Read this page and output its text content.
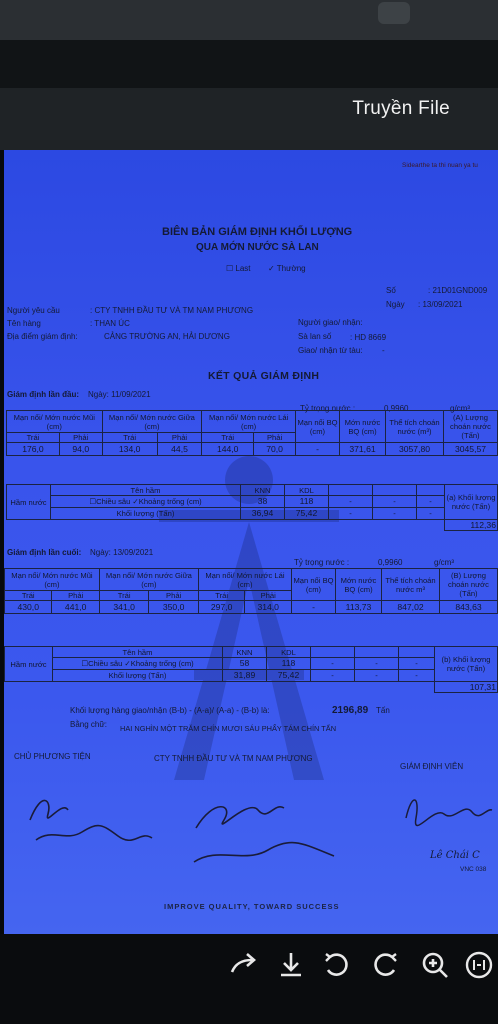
Truyền File
Sidearthe ta thi nuan ya tu
BIÊN BẢN GIÁM ĐỊNH KHỐI LƯỢNG
QUA MỚN NƯỚC SÀ LAN
☐ Last ✓ Thường
Số	: 21D01GND009
Ngày : 13/09/2021
Người yêu cầu	: CTY TNHH ĐẦU TƯ VÀ TM NAM PHƯƠNG
Người giao/ nhận:
Tên hàng	: THAN ÚC
Sà lan số : HD 8669
Địa điểm giám định:	CẢNG TRƯỜNG AN, HẢI DƯƠNG
Giao/ nhận từ tàu: -
KẾT QUẢ GIÁM ĐỊNH
Giám định lần đầu: Ngày: 11/09/2021
Tỷ trọng nước :	0,9960	g/cm³
Mạn nổi/ Mớn nước Mũi (cm)		Mạn nổi/ Mớn nước Giữa (cm)		Mạn nổi/ Mớn nước Lái (cm)		Mạn nổi BQ (cm)	Mớn nước BQ (cm)	Thể tích choán nước (m³)	(A) Lượng choán nước (Tấn)
Trái	Phải	Trái	Phải	Trái	Phải				
176,0	94,0	134,0	44,5	144,0	70,0	-	371,61	3057,80	3045,57
Hầm nước	Tên hầm	KNN	KDL				(a) Khối lượng nước (Tấn)
	☐Chiều sâu ✓Khoảng trống (cm)	38	118	-	-	-	
	Khối lượng (Tấn)	36,94	75,42	-	-	-	
							112,36
Giám định lần cuối: Ngày: 13/09/2021
Tỷ trọng nước :	0,9960	g/cm³
Mạn nổi/ Mớn nước Mũi (cm)		Mạn nổi/ Mớn nước Giữa (cm)		Mạn nổi/ Mớn nước Lái (cm)		Mạn nổi BQ (cm)	Mớn nước BQ (cm)	Thể tích choán nước m³	(B) Lượng choán nước (Tấn)
Trái	Phải	Trái	Phải	Trái	Phải				
430,0	441,0	341,0	350,0	297,0	314,0	-	113,73	847,02	843,63
Hầm nước	Tên hầm	KNN	KDL				(b) Khối lượng nước (Tấn)
	☐Chiều sâu ✓Khoảng trống (cm)	58	118	-	-	-	
	Khối lượng (Tấn)	31,89	75,42	-	-	-	
							107,31
Khối lượng hàng giao/nhận (B-b) - (A-a)/ (A-a) - (B-b) là:	2196,89 Tấn
Bằng chữ: HAI NGHÌN MỘT TRĂM CHÍN MƯƠI SÁU PHẨY TÁM CHÍN TẤN
CHỦ PHƯƠNG TIỆN	CTY TNHH ĐẦU TƯ VÀ TM NAM PHƯƠNG
GIÁM ĐỊNH VIÊN
Lê Chái C
VNC 038
IMPROVE QUALITY, TOWARD SUCCESS
